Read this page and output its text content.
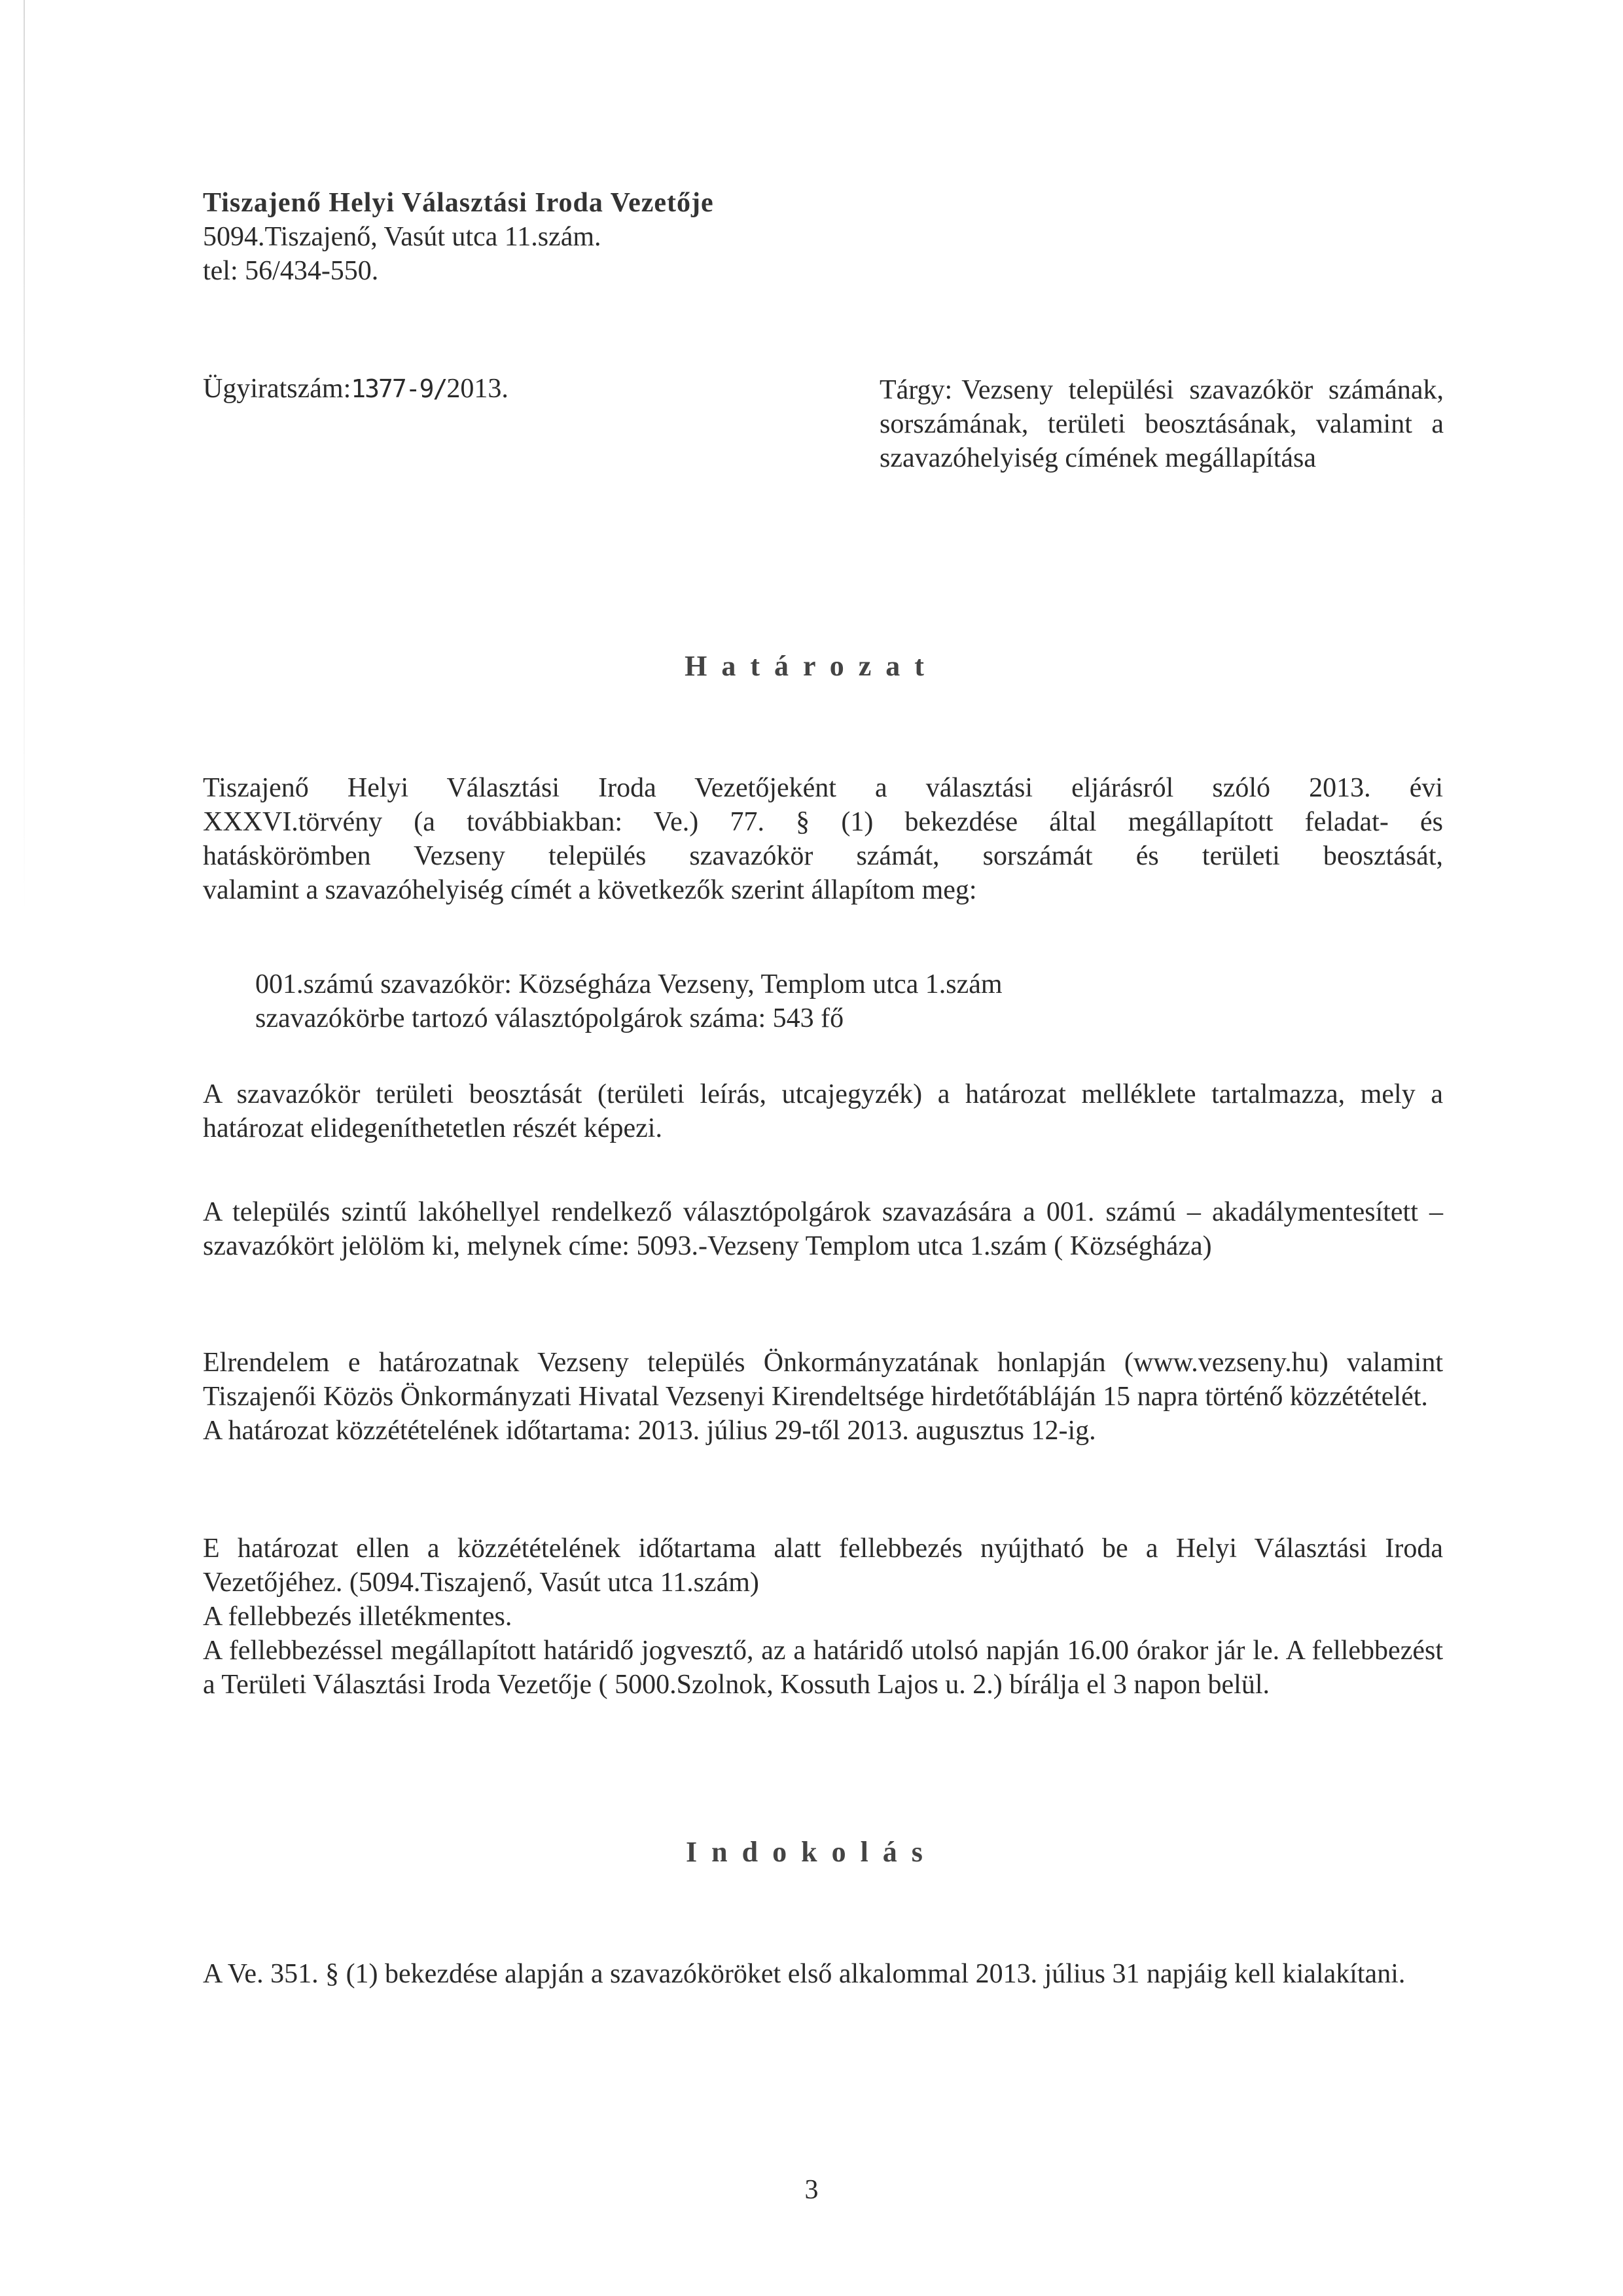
Tiszajenő Helyi Választási Iroda Vezetője
5094.Tiszajenő, Vasút utca 11.szám.
tel: 56/434-550.
Ügyiratszám:1377-9/2013.	Tárgy: Vezseny települési szavazókör számának, sorszámának, területi beosztásának, valamint a szavazóhelyiség címének megállapítása
Határozat
Tiszajenő Helyi Választási Iroda Vezetőjeként a választási eljárásról szóló 2013. évi
XXXVI.törvény (a továbbiakban: Ve.) 77. § (1) bekezdése által megállapított feladat- és
hatáskörömben Vezseny település szavazókör számát, sorszámát és területi beosztását,
valamint a szavazóhelyiség címét a következők szerint állapítom meg:
001.számú szavazókör: Községháza Vezseny, Templom utca 1.szám
szavazókörbe tartozó választópolgárok száma: 543 fő

A szavazókör területi beosztását (területi leírás, utcajegyzék) a határozat melléklete tartalmazza, mely a határozat elidegeníthetetlen részét képezi.

A település szintű lakóhellyel rendelkező választópolgárok szavazására a 001. számú – akadálymentesített – szavazókört jelölöm ki, melynek címe: 5093.-Vezseny Templom utca 1.szám ( Községháza)

Elrendelem e határozatnak Vezseny település Önkormányzatának honlapján (www.vezseny.hu) valamint Tiszajenői Közös Önkormányzati Hivatal Vezsenyi Kirendeltsége hirdetőtábláján 15 napra történő közzétételét.

A határozat közzétételének időtartama: 2013. július 29-től 2013. augusztus 12-ig.

E határozat ellen a közzétételének időtartama alatt fellebbezés nyújtható be a Helyi Választási Iroda Vezetőjéhez. (5094.Tiszajenő, Vasút utca 11.szám)

A fellebbezés illetékmentes.

A fellebbezéssel megállapított határidő jogvesztő, az a határidő utolsó napján 16.00 órakor jár le. A fellebbezést a Területi Választási Iroda Vezetője ( 5000.Szolnok, Kossuth Lajos u. 2.) bírálja el 3 napon belül.

Indokolás

A Ve. 351. § (1) bekezdése alapján a szavazóköröket első alkalommal 2013. július 31 napjáig kell kialakítani.

3
